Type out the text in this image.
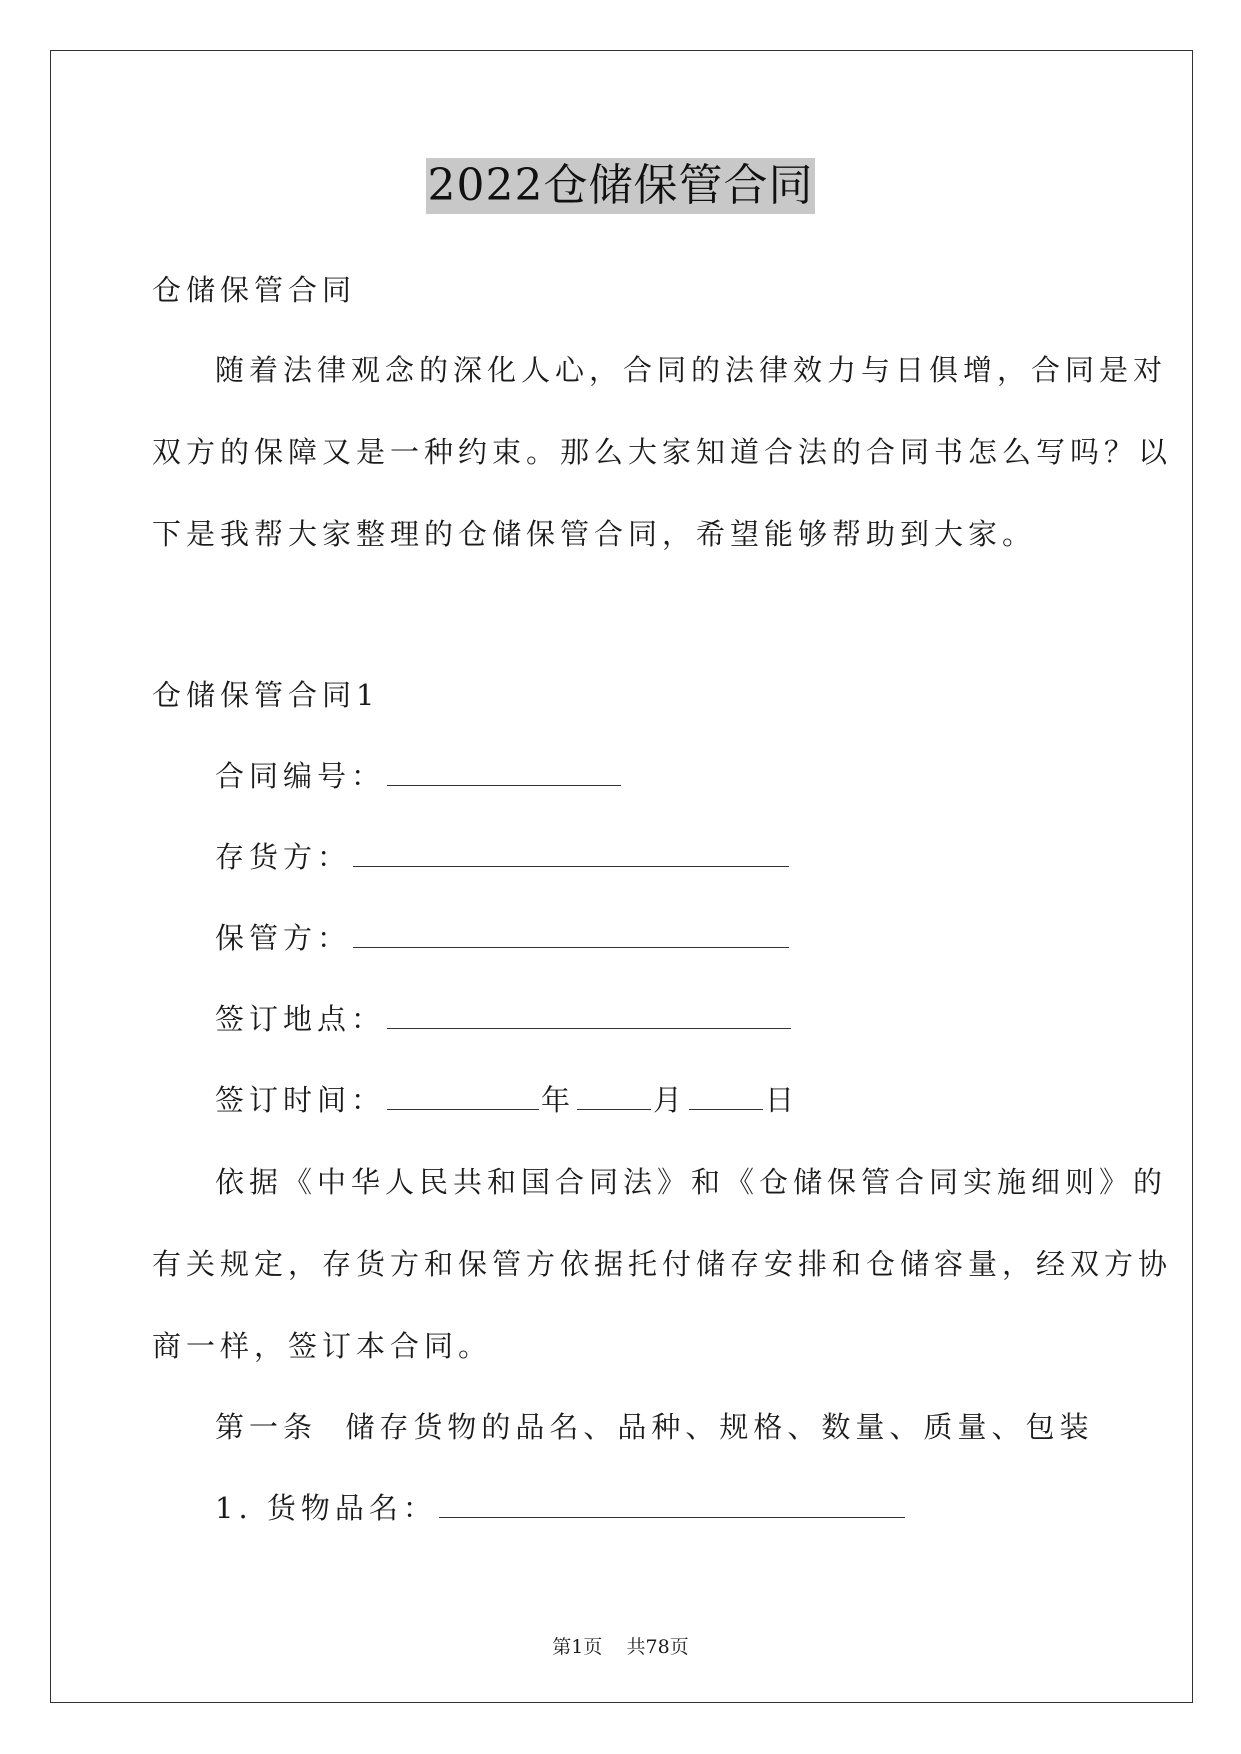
2022仓储保管合同
仓储保管合同
随着法律观念的深化人心，合同的法律效力与日俱增，合同是对
双方的保障又是一种约束。那么大家知道合法的合同书怎么写吗？以
下是我帮大家整理的仓储保管合同，希望能够帮助到大家。
仓储保管合同1
合同编号：
存货方：
保管方：
签订地点：
签订时间：	年	月	日
依据《中华人民共和国合同法》和《仓储保管合同实施细则》的
有关规定，存货方和保管方依据托付储存安排和仓储容量，经双方协
商一样，签订本合同。
第一条  储存货物的品名、品种、规格、数量、质量、包装
1. 货物品名：
第1页 共78页
